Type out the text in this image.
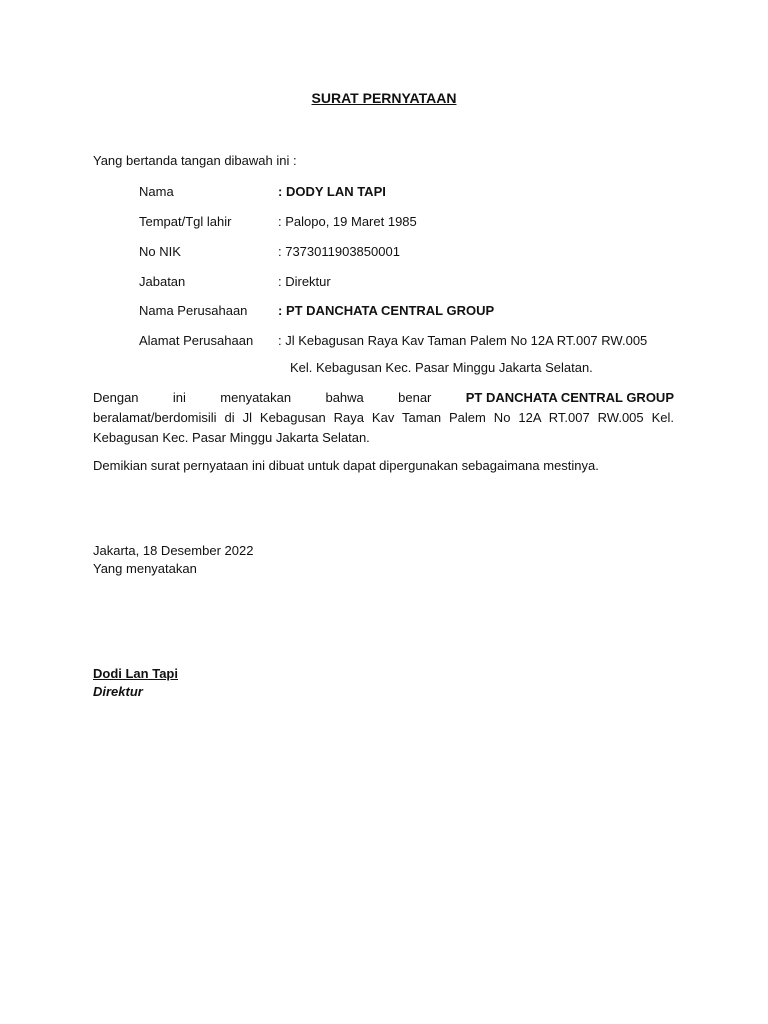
SURAT PERNYATAAN
Yang bertanda tangan dibawah ini :
Nama	: DODY LAN TAPI
Tempat/Tgl lahir	: Palopo, 19 Maret 1985
No NIK	: 7373011903850001
Jabatan	: Direktur
Nama Perusahaan : PT DANCHATA CENTRAL GROUP
Alamat Perusahaan : Jl Kebagusan Raya Kav Taman Palem No 12A RT.007 RW.005
Kel. Kebagusan Kec. Pasar Minggu Jakarta Selatan.
Dengan	ini	menyatakan	bahwa	benar	PT DANCHATA CENTRAL GROUP
beralamat/berdomisili di Jl Kebagusan Raya Kav Taman Palem No 12A RT.007 RW.005 Kel. Kebagusan Kec. Pasar Minggu Jakarta Selatan.
Demikian surat pernyataan ini dibuat untuk dapat dipergunakan sebagaimana mestinya.
Jakarta, 18 Desember 2022
Yang menyatakan
Dodi Lan Tapi
Direktur
